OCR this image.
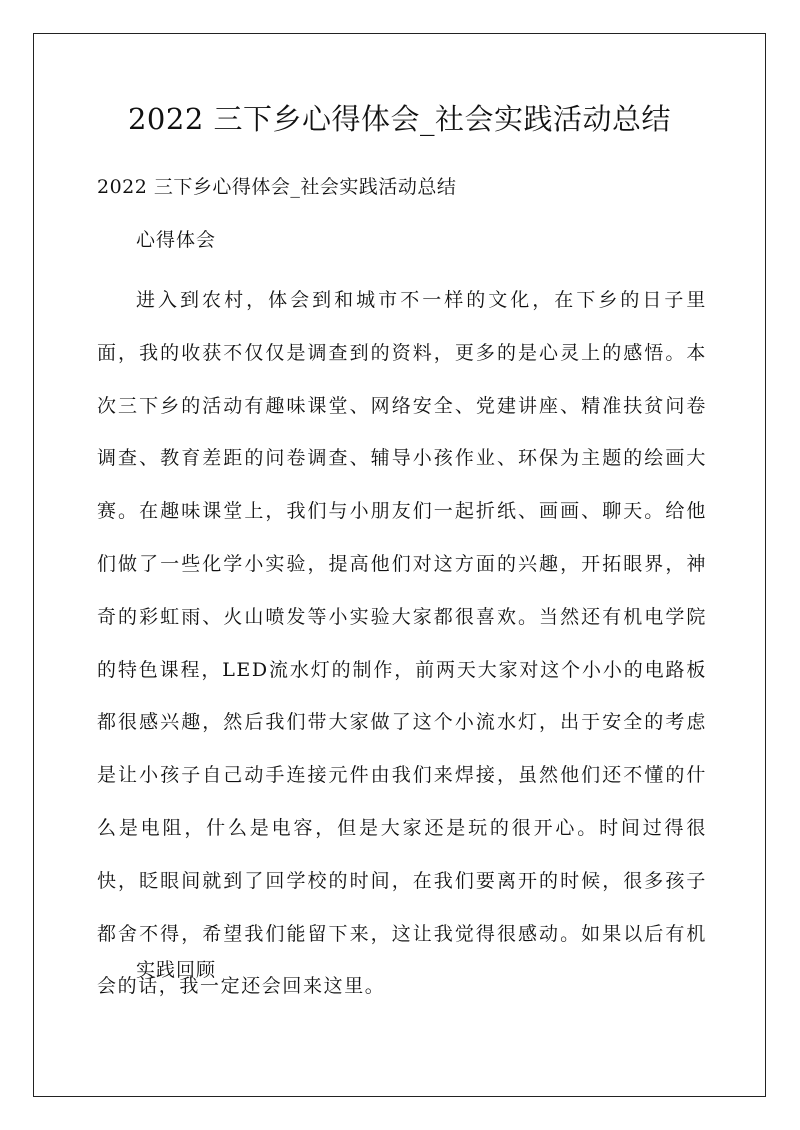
2022 三下乡心得体会_社会实践活动总结

2022 三下乡心得体会_社会实践活动总结

心得体会

进入到农村，体会到和城市不一样的文化，在下乡的日子里面，我的收获不仅仅是调查到的资料，更多的是心灵上的感悟。本次三下乡的活动有趣味课堂、网络安全、党建讲座、精准扶贫问卷调查、教育差距的问卷调查、辅导小孩作业、环保为主题的绘画大赛。在趣味课堂上，我们与小朋友们一起折纸、画画、聊天。给他们做了一些化学小实验，提高他们对这方面的兴趣，开拓眼界，神奇的彩虹雨、火山喷发等小实验大家都很喜欢。当然还有机电学院的特色课程，LED流水灯的制作，前两天大家对这个小小的电路板都很感兴趣，然后我们带大家做了这个小流水灯，出于安全的考虑是让小孩子自己动手连接元件由我们来焊接，虽然他们还不懂的什么是电阻，什么是电容，但是大家还是玩的很开心。时间过得很快，眨眼间就到了回学校的时间，在我们要离开的时候，很多孩子都舍不得，希望我们能留下来，这让我觉得很感动。如果以后有机会的话，我一定还会回来这里。

实践回顾
